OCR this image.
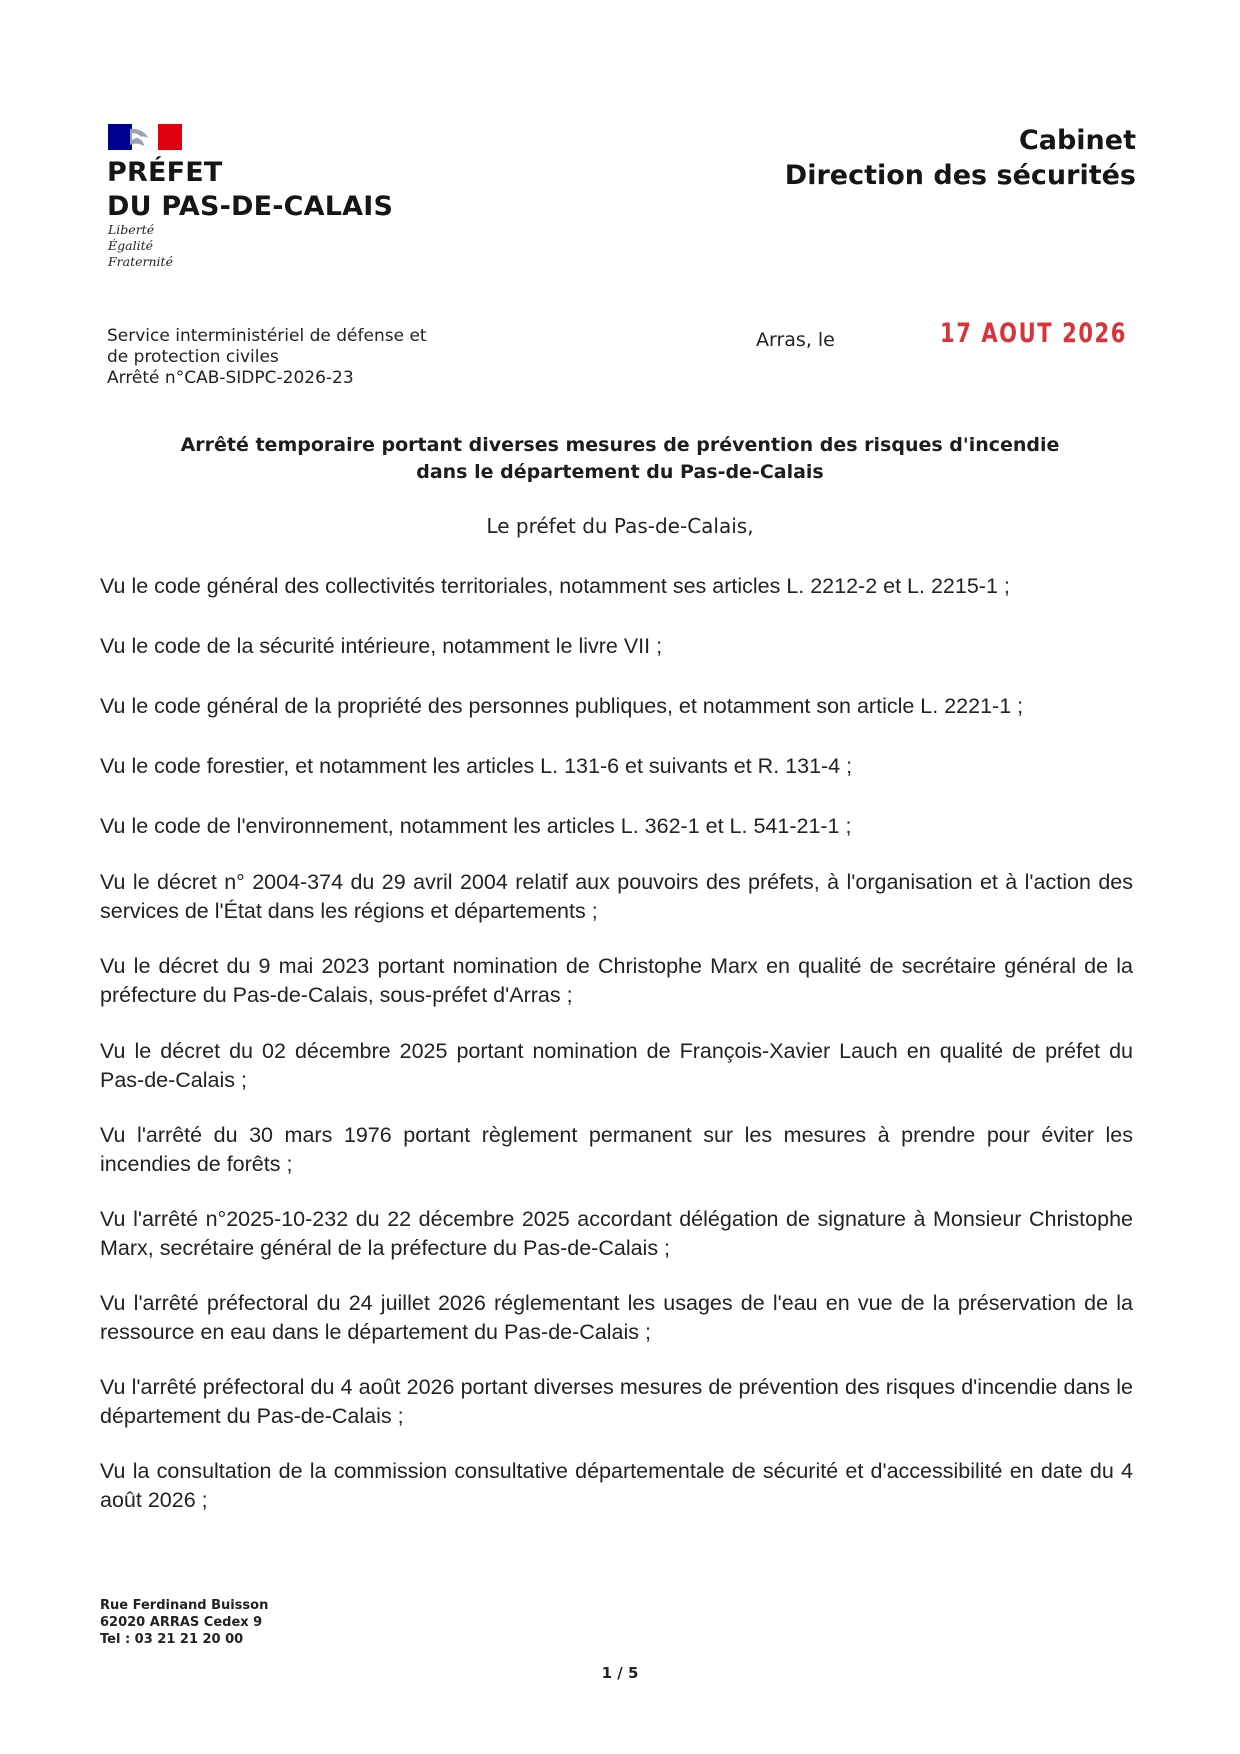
PRÉFET
DU PAS-DE-CALAIS
Liberté
Égalité
Fraternité
Cabinet
Direction des sécurités
Service interministériel de défense et
de protection civiles
Arrêté n°CAB-SIDPC-2026-23
Arras, le	17 AOUT 2026
Arrêté temporaire portant diverses mesures de prévention des risques d'incendie
dans le département du Pas-de-Calais
Le préfet du Pas-de-Calais,
Vu le code général des collectivités territoriales, notamment ses articles L. 2212-2 et L. 2215-1 ;
Vu le code de la sécurité intérieure, notamment le livre VII ;
Vu le code général de la propriété des personnes publiques, et notamment son article L. 2221-1 ;
Vu le code forestier, et notamment les articles L. 131-6 et suivants et R. 131-4 ;
Vu le code de l'environnement, notamment les articles L. 362-1 et L. 541-21-1 ;
Vu le décret n° 2004-374 du 29 avril 2004 relatif aux pouvoirs des préfets, à l'organisation et à l'action des services de l'État dans les régions et départements ;
Vu le décret du 9 mai 2023 portant nomination de Christophe Marx en qualité de secrétaire général de la préfecture du Pas-de-Calais, sous-préfet d'Arras ;
Vu le décret du 02 décembre 2025 portant nomination de François-Xavier Lauch en qualité de préfet du Pas-de-Calais ;
Vu l'arrêté du 30 mars 1976 portant règlement permanent sur les mesures à prendre pour éviter les incendies de forêts ;
Vu l'arrêté n°2025-10-232 du 22 décembre 2025 accordant délégation de signature à Monsieur Christophe Marx, secrétaire général de la préfecture du Pas-de-Calais ;
Vu l'arrêté préfectoral du 24 juillet 2026 réglementant les usages de l'eau en vue de la préservation de la ressource en eau dans le département du Pas-de-Calais ;
Vu l'arrêté préfectoral du 4 août 2026 portant diverses mesures de prévention des risques d'incendie dans le département du Pas-de-Calais ;
Vu la consultation de la commission consultative départementale de sécurité et d'accessibilité en date du 4 août 2026 ;
Rue Ferdinand Buisson
62020 ARRAS Cedex 9
Tel : 03 21 21 20 00
1 / 5
